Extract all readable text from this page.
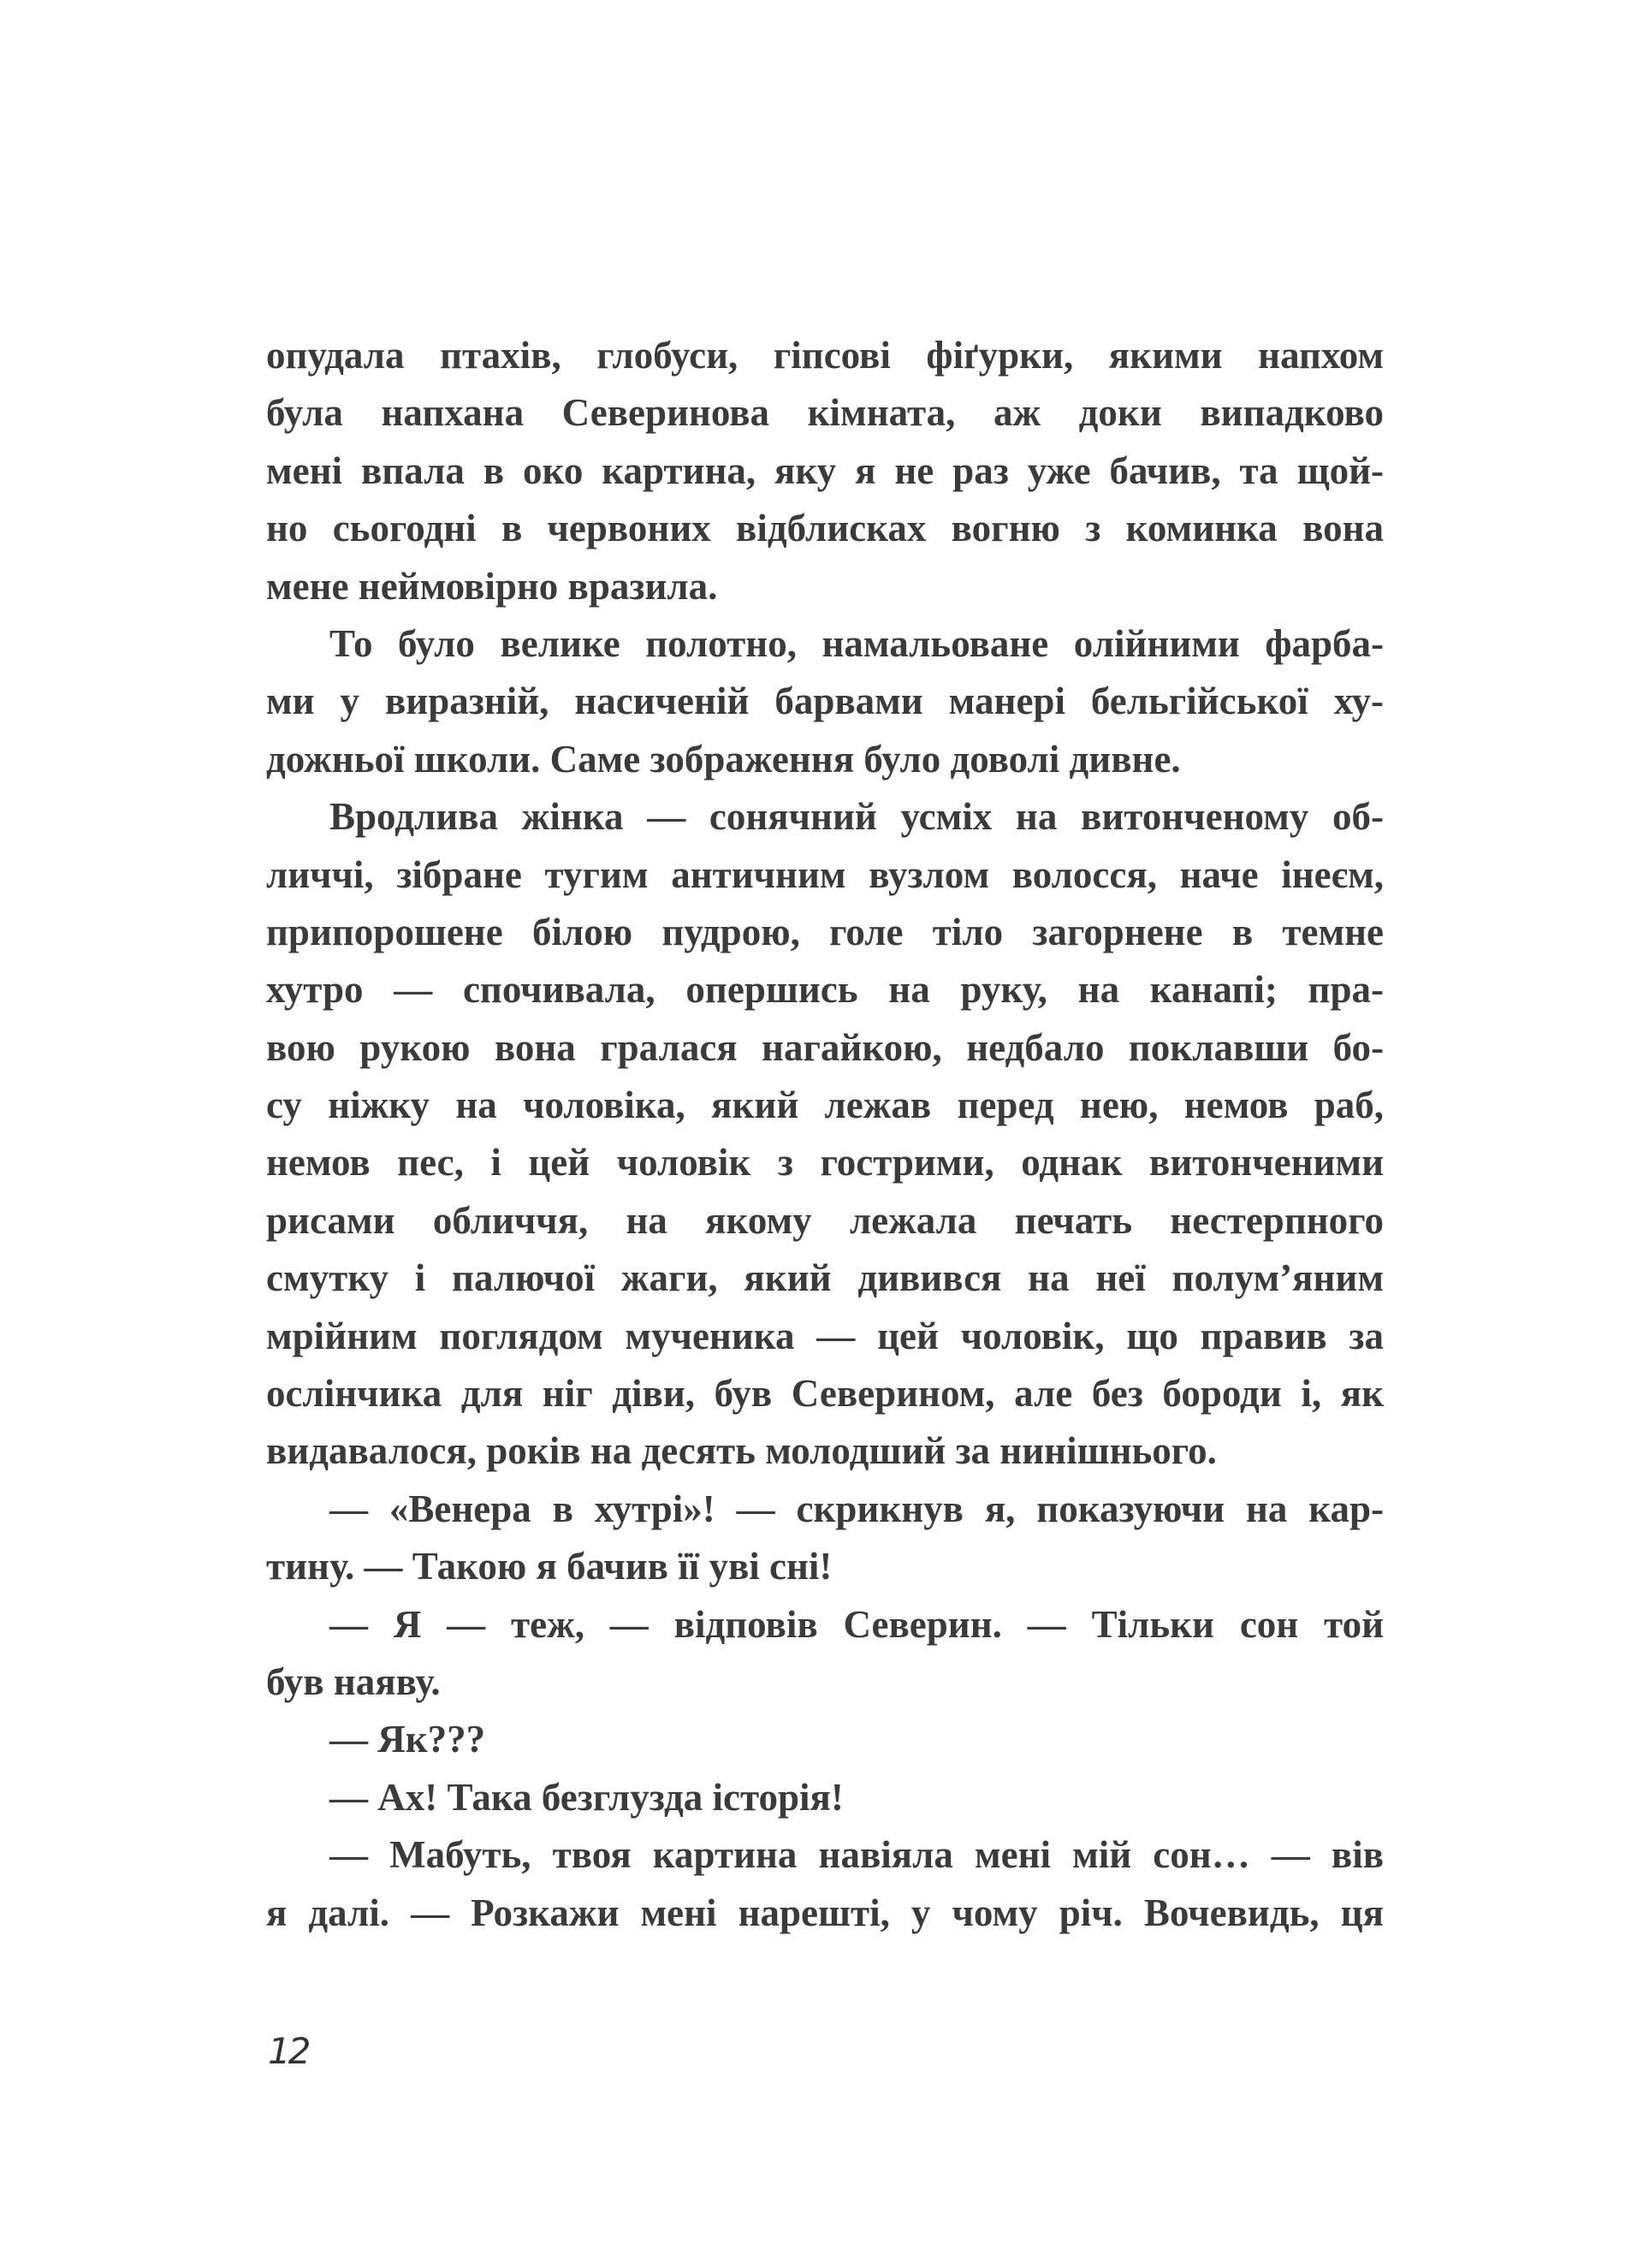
опудала птахів, глобуси, гіпсові фіґурки, якими напхом
була напхана Северинова кімната, аж доки випадково
мені впала в око картина, яку я не раз уже бачив, та щой-
но сьогодні в червоних відблисках вогню з коминка вона
мене неймовірно вразила.
То було велике полотно, намальоване олійними фарба-
ми у виразній, насиченій барвами манері бельгійської ху-
дожньої школи. Саме зображення було доволі дивне.
Вродлива жінка — сонячний усміх на витонченому об-
личчі, зібране тугим античним вузлом волосся, наче інеєм,
припорошене білою пудрою, голе тіло загорнене в темне
хутро — спочивала, опершись на руку, на канапі; пра-
вою рукою вона гралася нагайкою, недбало поклавши бо-
су ніжку на чоловіка, який лежав перед нею, немов раб,
немов пес, і цей чоловік з гострими, однак витонченими
рисами обличчя, на якому лежала печать нестерпного
смутку і палючої жаги, який дивився на неї полум’яним
мрійним поглядом мученика — цей чоловік, що правив за
ослінчика для ніг діви, був Северином, але без бороди і, як
видавалося, років на десять молодший за нинішнього.
— «Венера в хутрі»! — скрикнув я, показуючи на кар-
тину. — Такою я бачив її уві сні!
— Я — теж, — відповів Северин. — Тільки сон той
був наяву.
— Як???
— Ах! Така безглузда історія!
— Мабуть, твоя картина навіяла мені мій сон… — вів
я далі. — Розкажи мені нарешті, у чому річ. Вочевидь, ця
12
